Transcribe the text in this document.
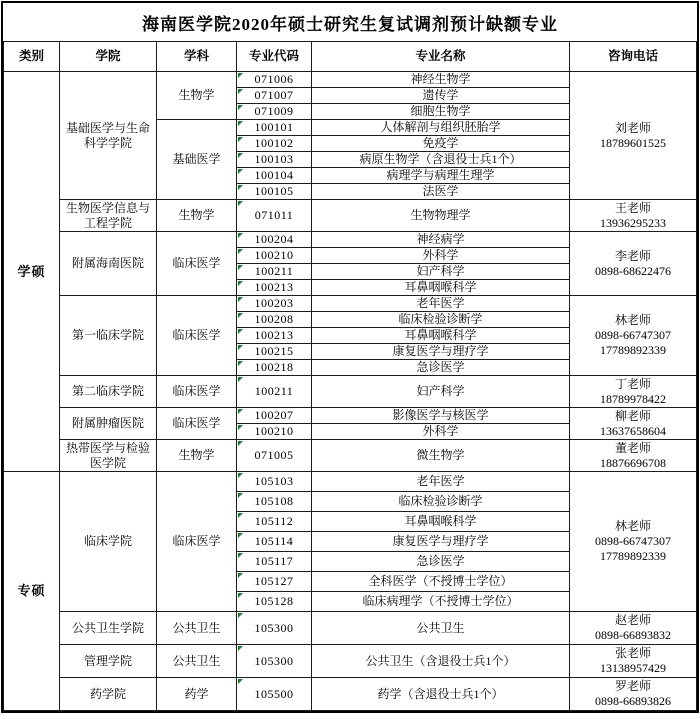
海南医学院2020年硕士研究生复试调剂预计缺额专业
类别	学院	学科	专业代码	专业名称	咨询电话
学硕	基础医学与生命科学学院	生物学	071006	神经生物学	刘老师
18789601525

			071007	遗传学	
			071009	细胞生物学	
		基础医学	100101	人体解剖与组织胚胎学	
			100102	免疫学	
			100103	病原生物学（含退役士兵1个）	
			100104	病理学与病理生理学	
			100105	法医学	
	生物医学信息与工程学院	生物学	071011	生物物理学	王老师
13936295233

	附属海南医院	临床医学	100204	神经病学	李老师
0898-68622476

			100210	外科学	
			100211	妇产科学	
			100213	耳鼻咽喉科学	
	第一临床学院	临床医学	100203	老年医学	林老师
0898-66747307
17789892339

			100208	临床检验诊断学	
			100213	耳鼻咽喉科学	
			100215	康复医学与理疗学	
			100218	急诊医学	
	第二临床学院	临床医学	100211	妇产科学	丁老师
18789978422

	附属肿瘤医院	临床医学	100207	影像医学与核医学	柳老师
13637658604

			100210	外科学	
	热带医学与检验医学院	生物学	071005	微生物学	董老师
18876696708

专硕	临床学院	临床医学	105103	老年医学	林老师
0898-66747307
17789892339

			105108	临床检验诊断学	
			105112	耳鼻咽喉科学	
			105114	康复医学与理疗学	
			105117	急诊医学	
			105127	全科医学（不授博士学位）	
			105128	临床病理学（不授博士学位）	
	公共卫生学院	公共卫生	105300	公共卫生	赵老师
0898-66893832

	管理学院	公共卫生	105300	公共卫生（含退役士兵1个）	张老师
13138957429

	药学院	药学	105500	药学（含退役士兵1个）	罗老师
0898-66893826
